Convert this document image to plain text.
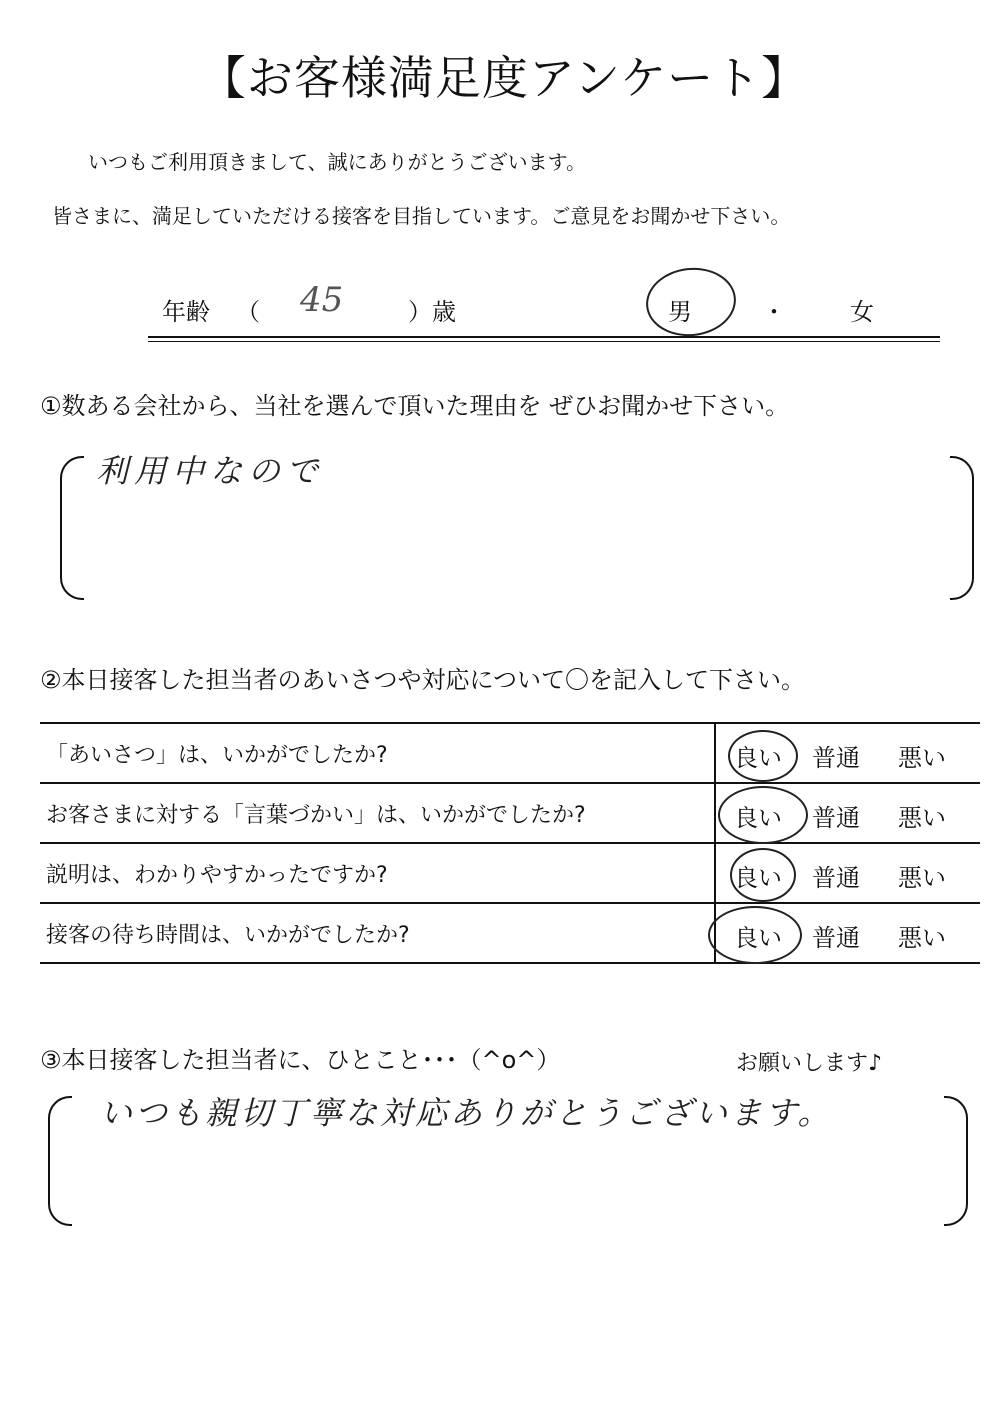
【お客様満足度アンケート】
いつもご利用頂きまして、誠にありがとうございます。
皆さまに、満足していただける接客を目指しています。ご意見をお聞かせ下さい。
年齢 （ 45	）歳	男	・	女
①数ある会社から、当社を選んで頂いた理由を ぜひお聞かせ下さい。
利用中なので
②本日接客した担当者のあいさつや対応について〇を記入して下さい。
「あいさつ」は、いかがでしたか?	良い 普通 悪い

お客さまに対する「言葉づかい」は、いかがでしたか?	良い 普通 悪い

説明は、わかりやすかったですか?	良い 普通 悪い

接客の待ち時間は、いかがでしたか?	良い 普通 悪い
③本日接客した担当者に、ひとこと･･･（^o^）	お願いします♪
いつも親切丁寧な対応ありがとうございます。
